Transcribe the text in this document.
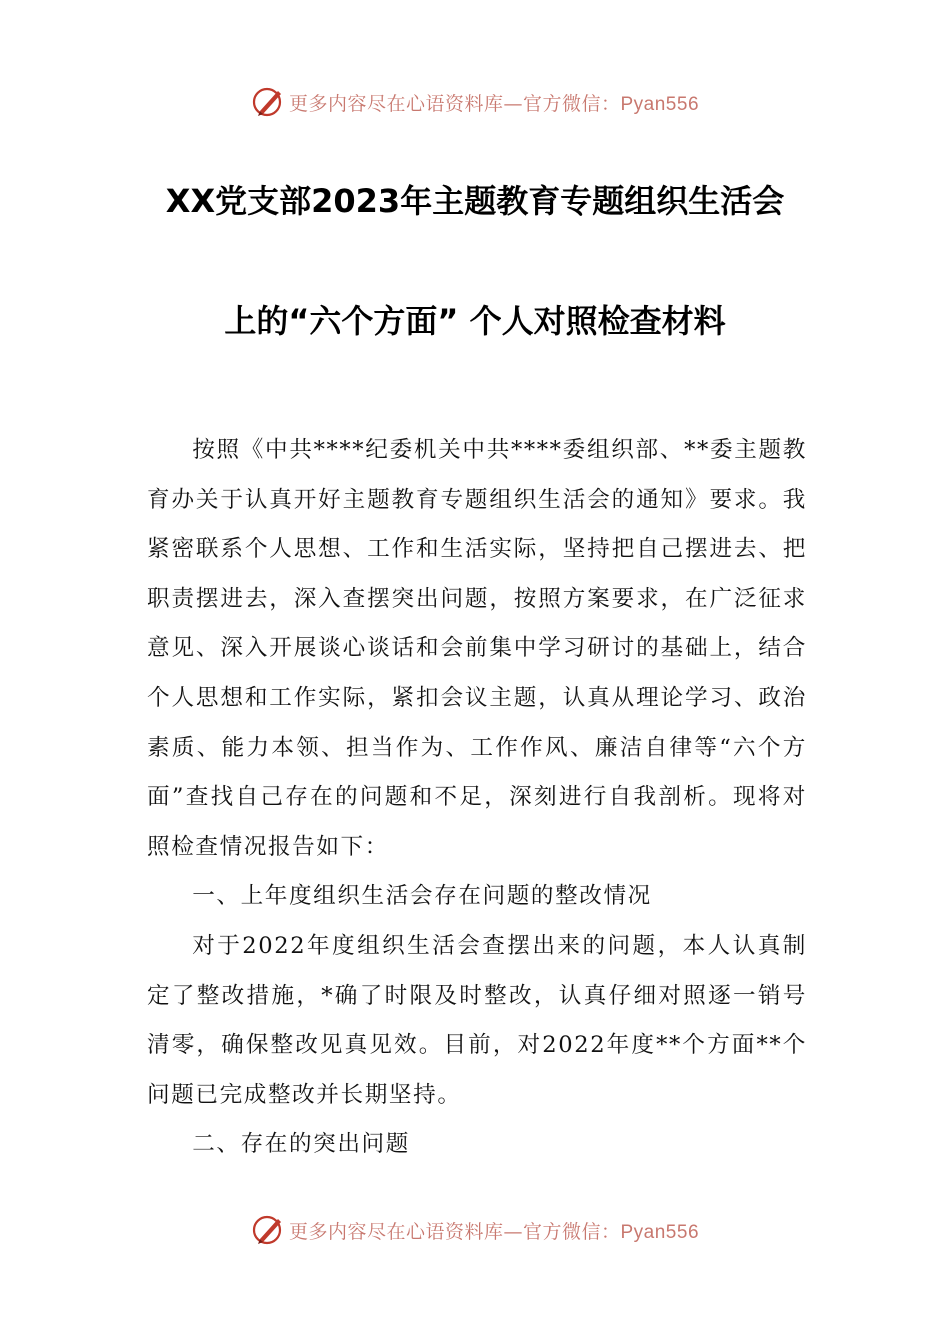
更多内容尽在心语资料库—官方微信：Pyan556
XX党支部2023年主题教育专题组织生活会
上的“六个方面” 个人对照检查材料

按照《中共****纪委机关中共****委组织部、**委主题教育办关于认真开好主题教育专题组织生活会的通知》要求。我紧密联系个人思想、工作和生活实际，坚持把自己摆进去、把职责摆进去，深入查摆突出问题，按照方案要求，在广泛征求意见、深入开展谈心谈话和会前集中学习研讨的基础上，结合个人思想和工作实际，紧扣会议主题，认真从理论学习、政治素质、能力本领、担当作为、工作作风、廉洁自律等“六个方面”查找自己存在的问题和不足，深刻进行自我剖析。现将对照检查情况报告如下：

一、上年度组织生活会存在问题的整改情况

对于2022年度组织生活会查摆出来的问题，本人认真制定了整改措施，*确了时限及时整改，认真仔细对照逐一销号清零，确保整改见真见效。目前，对2022年度**个方面**个问题已完成整改并长期坚持。

二、存在的突出问题

更多内容尽在心语资料库—官方微信：Pyan556
